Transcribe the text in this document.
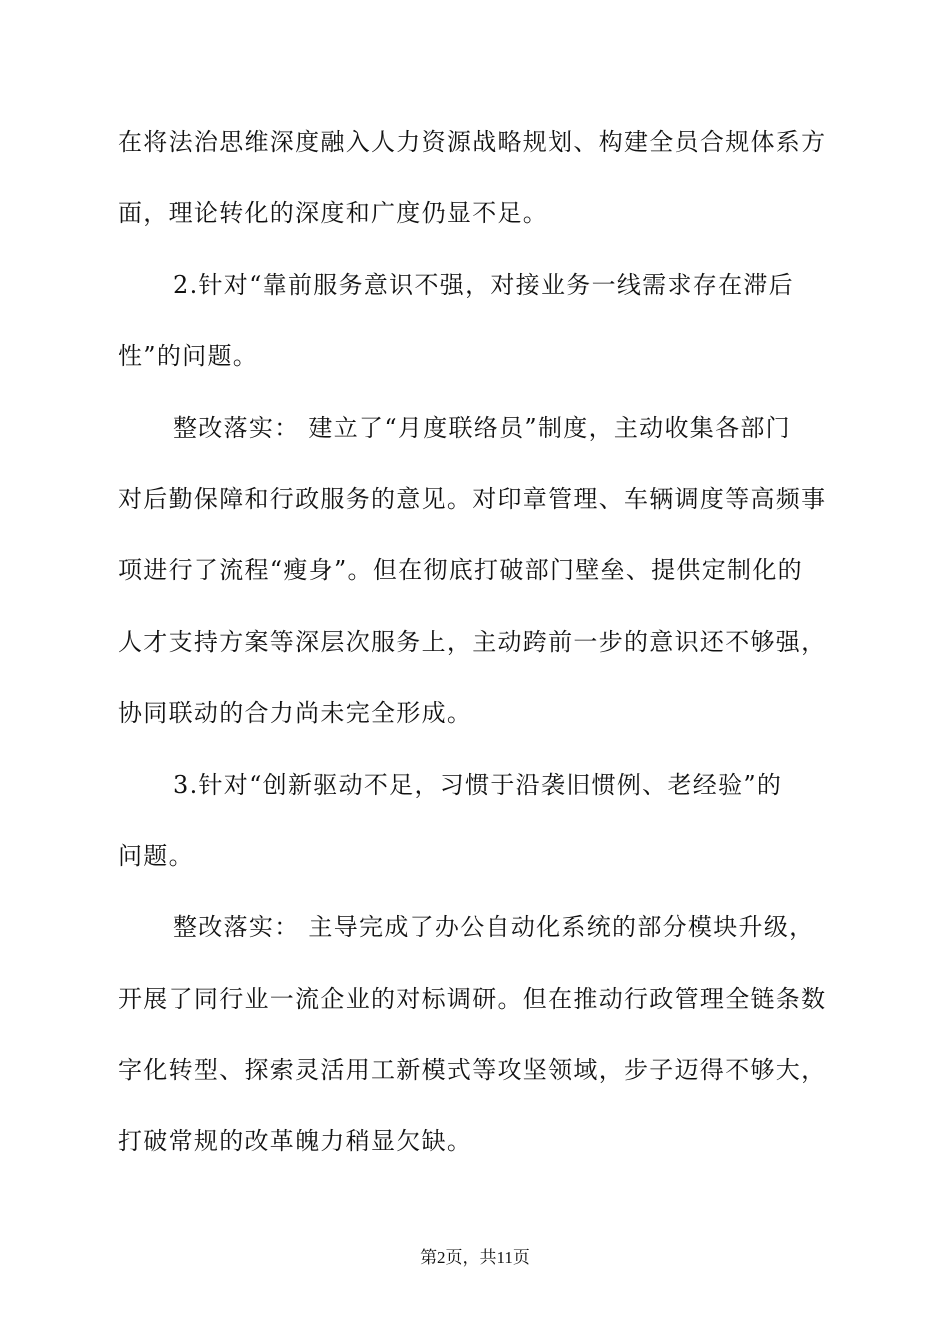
在将法治思维深度融入人力资源战略规划、构建全员合规体系方
面，理论转化的深度和广度仍显不足。
2.针对“靠前服务意识不强，对接业务一线需求存在滞后
性”的问题。
整改落实： 建立了“月度联络员”制度，主动收集各部门
对后勤保障和行政服务的意见。对印章管理、车辆调度等高频事
项进行了流程“瘦身”。但在彻底打破部门壁垒、提供定制化的
人才支持方案等深层次服务上，主动跨前一步的意识还不够强，
协同联动的合力尚未完全形成。
3.针对“创新驱动不足，习惯于沿袭旧惯例、老经验”的
问题。
整改落实： 主导完成了办公自动化系统的部分模块升级，
开展了同行业一流企业的对标调研。但在推动行政管理全链条数
字化转型、探索灵活用工新模式等攻坚领域，步子迈得不够大，
打破常规的改革魄力稍显欠缺。
第2页，共11页
